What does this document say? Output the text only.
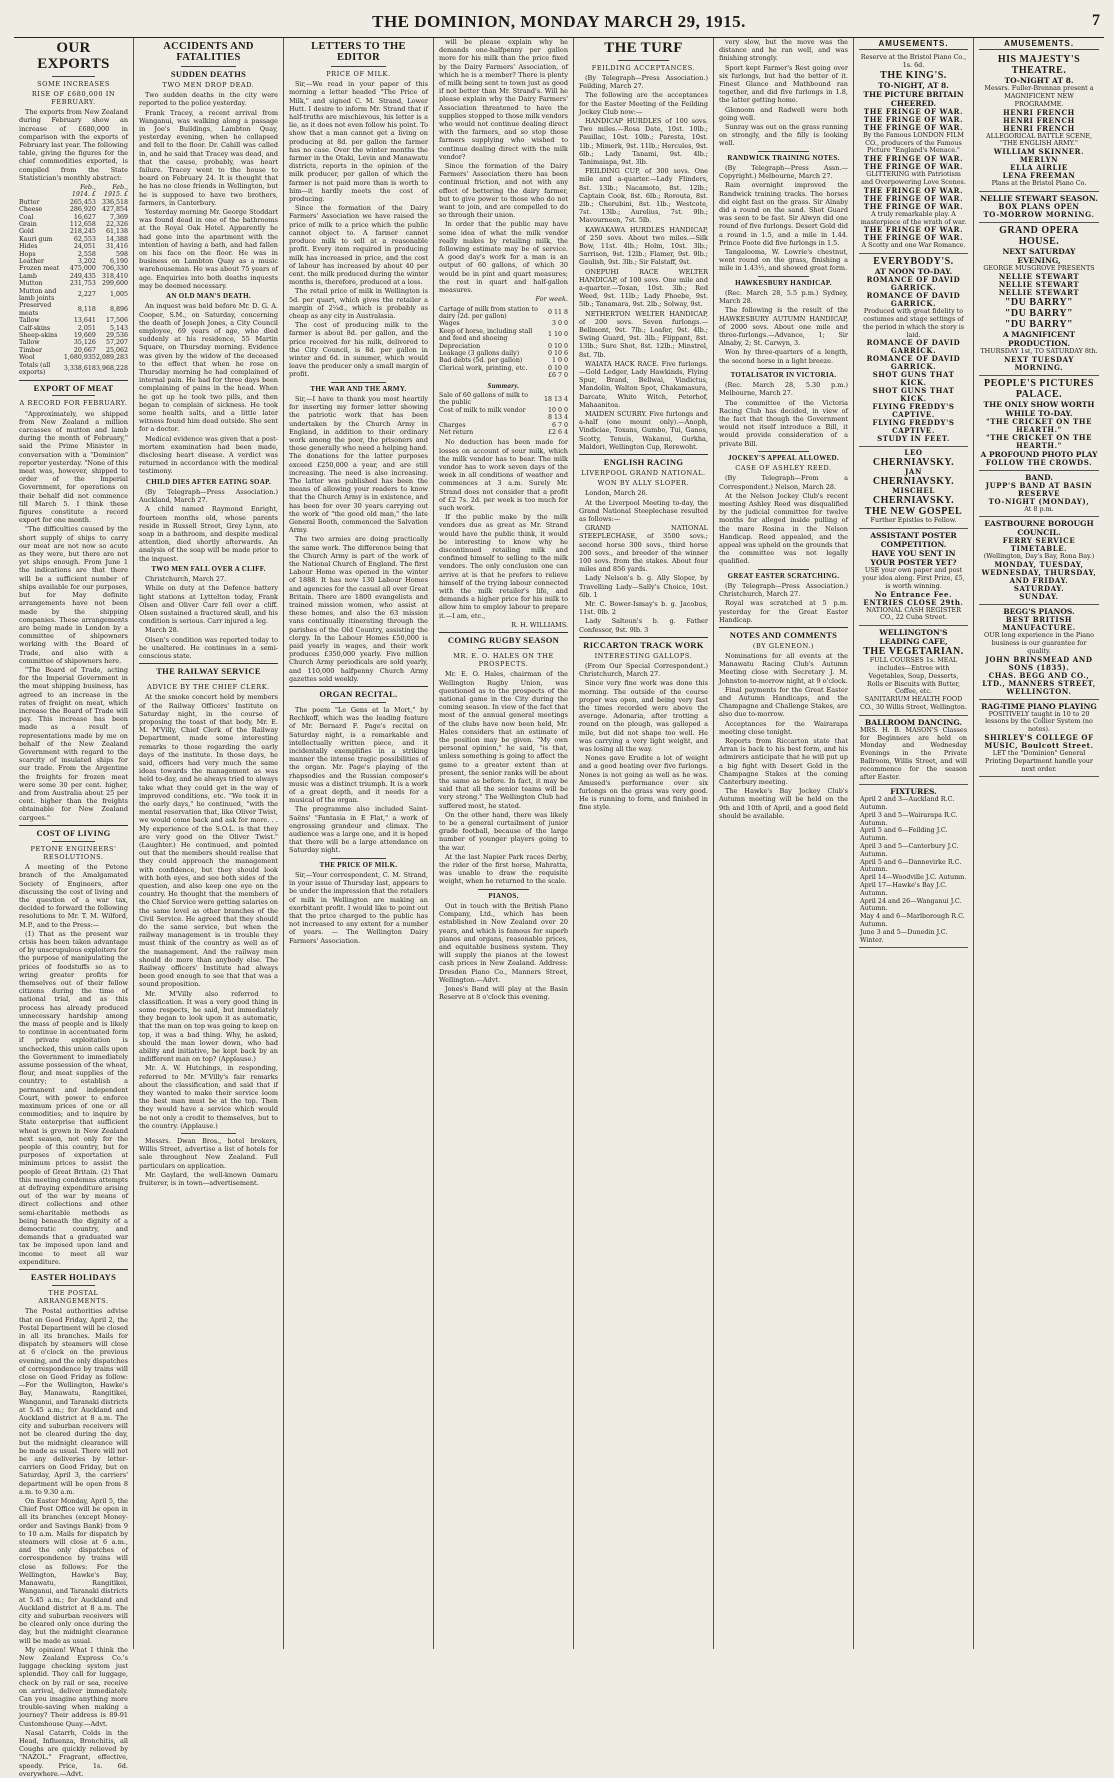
THE DOMINION, MONDAY MARCH 29, 1915.	7
OUR EXPORTS
SOME INCREASES
RISE OF £680,000 IN FEBRUARY.

The exports from New Zealand during February show an increase of £680,000 in comparison with the exports of February last year. The following table, giving the figures for the chief commodities exported, is compiled from the State Statistician's monthly abstract:

	Feb., 1914. £	Feb., 1915. £
Butter	265,453	336,518
Cheese	286,920	427,854
Coal	16,627	7,369
Grain	112,658	22,326
Gold	218,245	61,138
Kauri gum	62,553	14,388
Hides	24,051	31,416
Hops	2,558	598
Leather	3,202	6,190
Frozen meat	475,000	706,330
Lamb	249,435	318,410
Mutton	231,753	299,600
Mutton and lamb joints	2,227	1,005
Preserved meats	8,118	8,896
Tallow	13,641	17,506
Calf-skins	2,051	5,143
Sheep-skins	19,669	29,536
Tallow	35,126	57,207
Timber	20,667	25,062
Wool	1,680,935	2,089,283
Totals (all exports)	3,338,618	3,968,228
EXPORT OF MEAT
A RECORD FOR FEBRUARY.

"Approximately, we shipped from New Zealand a million carcasses of mutton and lamb during the month of February," said the Prime Minister in conversation with a "Dominion" reporter yesterday. "None of this meat was, however, shipped to order of the Imperial Government, for operations on their behalf did not commence till March 5. I think these figures constitute a record export for one month.

"The difficulties caused by the short supply of ships to carry our meat are not now so acute as they were, but there are not yet ships enough. From June 1 the indications are that there will be a sufficient number of ships available for our purposes, but for May definite arrangements have not been made by the shipping companies. These arrangements are being made in London by a committee of shipowners working with the Board of Trade, and also with a committee of shipowners here.

"The Board of Trade, acting for the Imperial Government in the meat shipping business, has agreed to an increase in the rates of freight on meat, which increase the Board of Trade will pay. This increase has been made as a result of representations made by me on behalf of the New Zealand Government with regard to the scarcity of insulated ships for our trade. From the Argentine the freights for frozen meat were some 30 per cent. higher, and from Australia about 25 per cent. higher than the freights obtainable for New Zealand cargoes."

COST OF LIVING
PETONE ENGINEERS' RESOLUTIONS.

A meeting of the Petone branch of the Amalgamated Society of Engineers, after discussing the cost of living and the question of a war tax, decided to forward the following resolutions to Mr. T. M. Wilford, M.P., and to the Press:—

(1) That as the present war crisis has been taken advantage of by unscrupulous exploiters for the purpose of manipulating the prices of foodstuffs so as to wring greater profits for themselves out of their fellow citizens during the time of national trial, and as this process has already produced unnecessary hardship among the mass of people and is likely to continue in accentuated form if private exploitation is unchecked, this union calls upon the Government to immediately assume possession of the wheat, flour, and meat supplies of the country; to establish a permanent and independent Court, with power to enforce maximum prices of one or all commodities; and to inquire by State enterprise that sufficient wheat is grown in New Zealand next season, not only for the people of this country, but for purposes of exportation at minimum prices to assist the people of Great Britain. (2) That this meeting condemns attempts at defraying expenditure arising out of the war by means of direct collections and other semi-charitable methods as being beneath the dignity of a democratic country, and demands that a graduated war tax be imposed upon land and income to meet all war expenditure.

EASTER HOLIDAYS
THE POSTAL ARRANGEMENTS.

The Postal authorities advise that on Good Friday, April 2, the Postal Department will be closed in all its branches. Mails for dispatch by steamers will close at 6 o'clock on the previous evening, and the only dispatches of correspondence by trains will close on Good Friday as follow:—For the Wellington, Hawke's Bay, Manawatu, Rangitikei, Wanganui, and Taranaki districts at 5.45 a.m.; for Auckland and Auckland district at 8 a.m. The city and suburban receivers will not be cleared during the day, but the midnight clearance will be made as usual. There will not be any deliveries by letter-carriers on Good Friday, but on Saturday, April 3, the carriers' department will be open from 8 a.m. to 9.30 a.m.

On Easter Monday, April 5, the Chief Post Office will be open in all its branches (except Money-order and Savings Bank) from 9 to 10 a.m. Mails for dispatch by steamers will close at 6 a.m., and the only dispatches of correspondence by trains will close as follows: For the Wellington, Hawke's Bay, Manawatu, Rangitikei, Wanganui, and Taranaki districts at 5.45 a.m.; for Auckland and Auckland district at 8 a.m. The city and suburban receivers will be cleared only once during the day, but the midnight clearance will be made as usual.

My opinion! What I think the New Zealand Express Co.'s luggage checking system just splendid. They call for luggage, check on by rail or sea, receive on arrival, deliver immediately. Can you imagine anything more trouble-saving when making a journey? Their address is 89-91 Customhouse Quay.—Advt.

Nasal Catarrh, Colds in the Head, Influenza, Bronchitis, all Coughs are quickly relieved by "NAZOL." Fragrant, effective, speedy. Price, 1s. 6d. everywhere.—Advt.

ACCIDENTS AND FATALITIES
SUDDEN DEATHS
TWO MEN DROP DEAD.

Two sudden deaths in the city were reported to the police yesterday.

Frank Tracey, a recent arrival from Wanganui, was walking along a passage in Joe's Buildings, Lambton Quay, yesterday evening, when he collapsed and fell to the floor. Dr. Cahill was called in, and he said that Tracey was dead, and that the cause, probably, was heart failure. Tracey went to the house to board on February 24. It is thought that he has no close friends in Wellington, but he is supposed to have two brothers, farmers, in Canterbury.

Yesterday morning Mr. George Stoddart was found dead in one of the bathrooms at the Royal Oak Hotel. Apparently he had gone into the apartment with the intention of having a bath, and had fallen on his face on the floor. He was in business on Lambton Quay as a music warehouseman. He was about 75 years of age. Enquiries into both deaths inquests may be deemed necessary.

AN OLD MAN'S DEATH.

An inquest was held before Mr. D. G. A. Cooper, S.M., on Saturday, concerning the death of Joseph Jones, a City Council employee, 69 years of age, who died suddenly at his residence, 55 Martin Square, on Thursday morning. Evidence was given by the widow of the deceased to the effect that when he rose on Thursday morning he had complained of internal pain. He had for three days been complaining of pains in the head. When he got up he took two pills, and then began to complain of sickness. He took some health salts, and a little later witness found him dead outside. She sent for a doctor.

Medical evidence was given that a post-mortem examination had been made, disclosing heart disease. A verdict was returned in accordance with the medical testimony.

CHILD DIES AFTER EATING SOAP.

(By Telegraph—Press Association.) Auckland, March 27.

A child named Raymond Enright, fourteen months old, whose parents reside in Russell Street, Grey Lynn, ate soap in a bathroom, and despite medical attention, died shortly afterwards. An analysis of the soap will be made prior to the inquest.

TWO MEN FALL OVER A CLIFF.

Christchurch, March 27.

While on duty at the Defence battery light stations at Lyttelton today, Frank Olsen and Oliver Carr fell over a cliff. Olsen sustained a fractured skull, and his condition is serious. Carr injured a leg.

March 28.

Olsen's condition was reported today to be unaltered. He continues in a semi-conscious state.

THE RAILWAY SERVICE
ADVICE BY THE CHIEF CLERK.

At the smoke concert held by members of the Railway Officers' Institute on Saturday night, in the course of proposing the toast of that body, Mr. E. M. M'Villy, Chief Clerk of the Railway Department, made some interesting remarks to those regarding the early days of the institute. In those days, he said, officers had very much the same ideas towards the management as was held to-day, and he always tried to always take what they could get in the way of improved conditions, etc. "We took it in the early days," he continued, "with the mental reservation that, like Oliver Twist, we would come back and ask for more. . . My experience of the S.O.L. is that they are very good on the Oliver Twist." (Laughter.) He continued, and pointed out that the members should realise that they could approach the management with confidence, but they should look with both eyes, and see both sides of the question, and also keep one eye on the country. He thought that the members of the Chief Service were getting salaries on the same level as other branches of the Civil Service. He agreed that they should do the same service, but when the railway management is in trouble they must think of the country as well as of the management. And the railway men should do more than anybody else. The Railway officers' Institute had always been good enough to see that that was a sound proposition.

Mr. M'Villy also referred to classification. It was a very good thing in some respects, he said, but immediately they began to look upon it as automatic, that the man on top was going to keep on top, it was a bad thing. Why, he asked, should the man lower down, who had ability and initiative, be kept back by an indifferent man on top? (Applause.)

Mr. A. W. Hutchings, in responding, referred to Mr. M'Villy's fair remarks about the classification, and said that if they wanted to make their service loom the best man must be at the top. Then they would have a service which would be not only a credit to themselves, but to the country. (Applause.)

Messrs. Dwan Bros., hotel brokers, Willis Street, advertise a list of hotels for sale throughout New Zealand. Full particulars on application.

Mr. Gaylard, the well-known Oamaru fruiterer, is in town—advertisement.

LETTERS TO THE EDITOR
PRICE OF MILK.

Sir,—We read in your paper of this morning a letter headed "The Price of Milk," and signed C. M. Strand, Lower Hutt. I desire to inform Mr. Strand that if half-truths are mischievous, his letter is a lie, as it does not even follow his point. To show that a man cannot get a living on producing at 8d. per gallon the farmer has no case. Over the winter months the farmer in the Otaki, Levin and Manawatu districts, reports in the opinion of the milk producer, per gallon of which the farmer is not paid more than is worth to him—it hardly meets the cost of producing.

Since the formation of the Dairy Farmers' Association we have raised the price of milk to a price which the public cannot object to. A farmer cannot produce milk to sell at a reasonable profit. Every item required in producing milk has increased in price, and the cost of labour has increased by about 40 per cent. the milk produced during the winter months is, therefore, produced at a loss.

The retail price of milk in Wellington is 5d. per quart, which gives the retailer a margin of 2¼d., which is probably as cheap as any city in Australasia.

The cost of producing milk to the farmer is about 8d. per gallon, and the price received for his milk, delivered to the City Council, is 8d. per gallon in winter and 6d. in summer, which would leave the producer only a small margin of profit.

THE WAR AND THE ARMY.

Sir,—I have to thank you most heartily for inserting my former letter showing the patriotic work that has been undertaken by the Church Army in England, in addition to their ordinary work among the poor, the prisoners and those generally who need a helping hand. The donations for the latter purposes exceed £250,000 a year, and are still increasing. The need is also increasing. The latter was published has been the means of allowing your readers to know that the Church Army is in existence, and has been for over 30 years carrying out the work of "the good old man," the late General Booth, commenced the Salvation Army.

The two armies are doing practically the same work. The difference being that the Church Army is part of the work of the National Church of England. The first Labour Home was opened in the winter of 1888. It has now 130 Labour Homes and agencies for the casual all over Great Britain. There are 1800 evangelists and trained mission women, who assist at these homes, and also the 63 mission vans continually itinerating through the parishes of the Old Country, assisting the clergy. In the Labour Homes £50,000 is paid yearly in wages, and their work produces £350,000 yearly. Five million Church Army periodicals are sold yearly, and 110,000 halfpenny Church Army gazettes sold weekly.

ORGAN RECITAL.

The poem "Le Gens et la Mort," by Rechkoff, which was the leading feature of Mr. Bernard F. Page's recital on Saturday night, is a remarkable and intellectually written piece, and it incidentally exemplifies in a striking manner the intense tragic possibilities of the organ. Mr. Page's playing of the rhapsodies and the Russian composer's music was a distinct triumph. It is a work of a great depth, and it needs for a musical of the organ.

The programme also included Saint-Saëns' "Fantasia in E Flat," a work of engrossing grandeur and climax. The audience was a large one, and it is hoped that there will be a large attendance on Saturday night.

THE PRICE OF MILK.

Sir,—Your correspondent, C. M. Strand, in your issue of Thursday last, appears to be under the impression that the retailers of milk in Wellington are making an exorbitant profit. I would like to point out that the price charged to the public has not increased to any extent for a number of years. — The Wellington Dairy Farmers' Association.

will be please explain why he demands one-halfpenny per gallon more for his milk than the price fixed by the Dairy Farmers' Association, of which he is a member? There is plenty of milk being sent to town just as good if not better than Mr. Strand's. Will he please explain why the Dairy Farmers' Association threatened to have the supplies stopped to those milk vendors who would not continue dealing direct with the farmers, and so stop those farmers supplying who wished to continue dealing direct with the milk vendor?

Since the formation of the Dairy Farmers' Association there has been continual friction, and not with any effect of bettering the dairy farmer, but to give power to those who do not want to join, and are compelled to do so through their union.

In order that the public may have some idea of what the milk vendor really makes by retailing milk, the following estimate may be of service. A good day's work for a man is an output of 60 gallons, of which 30 would be in pint and quart measures; the rest in quart and half-gallon measures.

For week.
Cartage of milk from station to dairy (2d. per gallon)	0 11 8
Wages	3 0 0
Keep of horse, including stall and feed and shoeing	1 10 0
Depreciation	0 10 0
Leakage (3 gallons daily)	0 10 6
Bad debts (5d. per gallon)	1 0 0
Clerical work, printing, etc.	0 10 0
	£6 7 0
Summary.
Sale of 60 gallons of milk to the public	18 13 4
Cost of milk to milk vendor	10 0 0
	8 13 4
Charges	6 7 0
Net return	£2 6 4

No deduction has been made for losses on account of sour milk, which the milk vendor has to bear. The milk vendor has to work seven days of the week in all conditions of weather and commences at 3 a.m. Surely Mr. Strand does not consider that a profit of £2 7s. 2d. per week is too much for such work.

If the public make by the milk vendors due as great as Mr. Strand would have the public think, it would be interesting to know why he discontinued retailing milk and confined himself to selling to the milk vendors. The only conclusion one can arrive at is that he prefers to relieve himself of the trying labour connected with the milk retailer's life, and demands a higher price for his milk to allow him to employ labour to prepare it.—I am, etc.,

R. H. WILLIAMS.

COMING RUGBY SEASON
MR. E. O. HALES ON THE PROSPECTS.

Mr. E. O. Hales, chairman of the Wellington Rugby Union, was questioned as to the prospects of the national game in the City during the coming season. In view of the fact that most of the annual general meetings of the clubs have now been held, Mr. Hales considers that an estimate of the position may be given. "My own personal opinion," he said, "is that, unless something is going to affect the game to a greater extent than at present, the senior ranks will be about the same as before. In fact, it may be said that all the senior teams will be very strong." The Wellington Club had suffered most, he stated.

On the other hand, there was likely to be a general curtailment of junior grade football, because of the large number of younger players going to the war.

At the last Napier Park races Derby, the rider of the first horse, Mahratta, was unable to draw the requisite weight, when he returned to the scale.

PIANOS.

Out in touch with the British Piano Company, Ltd., which has been established in New Zealand over 20 years, and which is famous for superb pianos and organs, reasonable prices, and equitable business system. They will supply the pianos at the lowest cash prices in New Zealand. Address: Dresden Piano Co., Manners Street, Wellington.—Advt.

Jones's Band will play at the Basin Reserve at 8 o'clock this evening.

THE TURF
FEILDING ACCEPTANCES.

(By Telegraph—Press Association.) Feilding, March 27.

The following are the acceptances for the Easter Meeting of the Feilding Jockey Club now:—

HANDICAP HURDLES of 100 sovs. Two miles.—Rosa Date, 10st. 10lb.; Pauillac, 10st. 10lb.; Paresta, 10st. 1lb.; Mimerk, 9st. 11lb.; Hercules, 9st. 6lb.; Lady Tanami, 9st. 4lb.; Tanimaiapa, 9st. 3lb.

FEILDING CUP, of 300 sovs. One mile and a-quarter.—Lady Flinders, 8st. 13lb.; Nacamoto, 8st. 12lb.; Captain Cook, 8st. 6lb.; Rorouta, 8st. 2lb.; Cherubini, 8st. 1lb.; Westcote, 7st. 13lb.; Aurelius, 7st. 9lb.; Mavourneen, 7st. 5lb.

KAWAKAWA HURDLES HANDICAP, of 250 sovs. About two miles.—Silk Bow, 11st. 4lb.; Holm, 10st. 3lb.; Sarrison, 9st. 12lb.; Flamer, 9st. 9lb.; Gaulish, 9st. 3lb.; Sir Falstaff, 9st.

ONEPUHI RACE WELTER HANDICAP, of 100 sovs. One mile and a-quarter.—Toxan, 10st. 3lb.; Red Weed, 9st. 11lb.; Lady Phoebe, 9st. 5lb.; Tanamara, 9st. 2lb.; Solway, 9st.

NETHERTON WELTER HANDICAP, of 200 sovs. Seven furlongs.—Bellmont, 9st. 7lb.; Loafer, 9st. 4lb.; Swing Guard, 9st. 3lb.; Flippant, 8st. 13lb.; Sure Shot, 8st. 12lb.; Minstrel, 8st. 7lb.

WAIATA HACK RACE. Five furlongs.—Gold Ledger, Lady Hawkinds, Flying Spur, Brand, Bellwai, Vindictus, Mandolin, Walton Spot, Chakamasura, Darcate, White Witch, Peterhof, Mahaanitoa.

MAIDEN SCURRY. Five furlongs and a-half (one mount only).—Anoph, Vindiciae, Toxans, Gumbo, Tui, Ganos, Scotty, Tenuis, Wakanui, Gurkha, Maldori, Wellington Cup, Rerewoht.

ENGLISH RACING
LIVERPOOL GRAND NATIONAL.
WON BY ALLY SLOPER.

London, March 26.

At the Liverpool Meeting to-day, the Grand National Steeplechase resulted as follows:—

GRAND NATIONAL STEEPLECHASE, of 3500 sovs.; second horse 300 sovs., third horse 200 sovs., and breeder of the winner 100 sovs. from the stakes. About four miles and 856 yards.

Lady Nelson's b. g. Ally Sloper, by Travelling Lady—Sally's Choice, 10st. 6lb. 1

Mr. C. Bower-Ismay's b. g. Jacobus, 11st. 0lb. 2

Lady Saltoun's b. g. Father Confessor, 9st. 9lb. 3

RICCARTON TRACK WORK
INTERESTING GALLOPS.

(From Our Special Correspondent.) Christchurch, March 27.

Since very fine work was done this morning. The outside of the course proper was open, and being very fast the times recorded were above the average. Adonaria, after trotting a round on the plough, was galloped a mile, but did not shape too well. He was carrying a very light weight, and was losing all the way.

Nones gave Erudite a lot of weight and a good beating over five furlongs. Nones is not going as well as he was. Amused's performance over six furlongs on the grass was very good. He is running to form, and finished in fine style.

very slow, but the move was the distance and he ran well, and was finishing strongly.

Sport kept Farmer's Rest going over six furlongs, but had the better of it. Finest Glance and Mathbound ran together, and did five furlongs in 1.8, the latter getting home.

Glenoom and Radwell were both going well.

Sunray was out on the grass running on strongly, and the filly is looking well.

RANDWICK TRAINING NOTES.

(By Telegraph—Press Assn.—Copyright.) Melbourne, March 27.

Rain overnight improved the Randwick training tracks. The horses did eight fast on the grass. Sir Alnaby did a round on the sand. Shot Guard was seen to be fast. Sir Alwyn did one round of five furlongs. Desert Gold did a round in 1.5, and a mile in 1.44. Prince Foote did five furlongs in 1.5.

Tangalooma, W. Lowrie's chestnut, went round on the grass, finishing a mile in 1.43½, and showed great form.

HAWKESBURY HANDICAP.

(Rec. March 28, 5.5 p.m.) Sydney, March 28.

The following is the result of the HAWKESBURY AUTUMN HANDICAP, of 2000 sovs. About one mile and three-furlongs.—Advance, 1; Sir Alnaby, 2; St. Carwyn, 3.

Won by three-quarters of a length, the second horse in a light breeze.

TOTALISATOR IN VICTORIA.

(Rec. March 28, 5.30 p.m.) Melbourne, March 27.

The committee of the Victoria Racing Club has decided, in view of the fact that though the Government would not itself introduce a Bill, it would provide consideration of a private Bill.

JOCKEY'S APPEAL ALLOWED.
CASE OF ASHLEY REED.

(By Telegraph—From a Correspondent.) Nelson, March 28.

At the Nelson Jockey Club's recent meeting Ashley Reed was disqualified by the judicial committee for twelve months for alleged inside pulling of the mare Rosina in the Nelson Handicap. Reed appealed, and the appeal was upheld on the grounds that the committee was not legally qualified.

GREAT EASTER SCRATCHING.

(By Telegraph—Press Association.) Christchurch, March 27.

Royal was scratched at 5 p.m. yesterday for the Great Easter Handicap.

NOTES AND COMMENTS
(BY GLENEON.)

Nominations for all events at the Manawatu Racing Club's Autumn Meeting close with Secretary J. M. Johnston to-morrow night, at 9 o'clock.

Final payments for the Great Easter and Autumn Handicaps, and the Champagne and Challenge Stakes, are also due to-morrow.

Acceptances for the Wairarapa meeting close tonight.

Reports from Riccarton state that Arran is back to his best form, and his admirers anticipate that he will put up a big fight with Desert Gold in the Champagne Stakes at the coming Canterbury meeting.

The Hawke's Bay Jockey Club's Autumn meeting will be held on the 9th and 10th of April, and a good field should be available.

AMUSEMENTS.
Reserve at the Bristol Piano Co., 1s. 6d.
THE KING'S.
TO-NIGHT, AT 8.
THE PICTURE BRITAIN CHEERED.
THE FRINGE OF WAR.
THE FRINGE OF WAR.
THE FRINGE OF WAR.
By the Famous LONDON FILM CO., producers of the Famous Picture "England's Menace."
THE FRINGE OF WAR.
THE FRINGE OF WAR.
GLITTERING with Patriotism and Overpowering Love Scenes.
THE FRINGE OF WAR.
THE FRINGE OF WAR.
THE FRINGE OF WAR.
A truly remarkable play. A masterpiece of the wrath of war.
THE FRINGE OF WAR.
THE FRINGE OF WAR.
A Scotty and one War Romance.
EVERYBODY'S.
AT NOON TO-DAY.
ROMANCE OF DAVID GARRICK.
ROMANCE OF DAVID GARRICK.
Produced with great fidelity to costumes and stage settings of the period in which the story is laid.
ROMANCE OF DAVID GARRICK.
ROMANCE OF DAVID GARRICK.
SHOT GUNS THAT KICK.
SHOT GUNS THAT KICK.
FLYING FREDDY'S CAPTIVE.
FLYING FREDDY'S CAPTIVE.
STUDY IN FEET.
LEO
CHERNIAVSKY.
JAN
CHERNIAVSKY.
MISCHEL
CHERNIAVSKY.
THE NEW GOSPEL
Further Epistles to Fellow.
ASSISTANT POSTER COMPETITION.
HAVE YOU SENT IN YOUR POSTER YET?
USE your own paper and post your idea along. First Prize, £5, is worth winning.
No Entrance Fee.
ENTRIES CLOSE 29th.
NATIONAL CASH REGISTER CO., 22 Cuba Street.
WELLINGTON'S LEADING CAFE,
THE VEGETARIAN.
FULL COURSES 1s. MEAL includes—Entree with Vegetables, Soup, Desserts, Rolls or Biscuits with Butter, Coffee, etc.
SANITARIUM HEALTH FOOD CO., 30 Willis Street, Wellington.
BALLROOM DANCING.
MRS. H. B. MASON'S Classes for Beginners are held on Monday and Wednesday Evenings in the Private Ballroom, Willis Street, and will recommence for the season after Easter.
FIXTURES.
April 2 and 3—Auckland R.C. Autumn.
April 3 and 5—Wairarapa R.C. Autumn.
April 5 and 6—Feilding J.C. Autumn.
April 3 and 5—Canterbury J.C. Autumn.
April 5 and 6—Dannevirke R.C. Autumn.
April 14—Woodville J.C. Autumn.
April 17—Hawke's Bay J.C. Autumn.
April 24 and 26—Wanganui J.C. Autumn.
May 4 and 6—Marlborough R.C. Autumn.
June 3 and 5—Dunedin J.C. Winter.
AMUSEMENTS.
HIS MAJESTY'S THEATRE.
TO-NIGHT AT 8.
Messrs. Fuller-Brennan present a MAGNIFICENT NEW PROGRAMME.
HENRI FRENCH
HENRI FRENCH
HENRI FRENCH
ALLEGORICAL BATTLE SCENE, "THE ENGLISH ARMY."
WILLIAM SKINNER.
MERLYN
ELLA AIRLIE
LENA FREEMAN
Plans at the Bristol Piano Co.
NELLIE STEWART SEASON.
BOX PLANS OPEN
TO-MORROW MORNING.
GRAND OPERA HOUSE.
NEXT SATURDAY EVENING,
GEORGE MUSGROVE PRESENTS
NELLIE STEWART
NELLIE STEWART
NELLIE STEWART
"DU BARRY"
"DU BARRY"
"DU BARRY"
A MAGNIFICENT PRODUCTION.
THURSDAY 1st, TO SATURDAY 8th.
NEXT TUESDAY MORNING.
PEOPLE'S PICTURES PALACE.
THE ONLY SHOW WORTH WHILE TO-DAY.
"THE CRICKET ON THE HEARTH."
"THE CRICKET ON THE HEARTH."
A PROFOUND PHOTO PLAY
FOLLOW THE CROWDS.
BAND.
JUPP'S BAND AT BASIN RESERVE
TO-NIGHT (MONDAY),
At 8 p.m.
EASTBOURNE BOROUGH COUNCIL.
FERRY SERVICE TIMETABLE.
(Wellington, Day's Bay, Rona Bay.)
MONDAY, TUESDAY, WEDNESDAY, THURSDAY, AND FRIDAY.
SATURDAY.
SUNDAY.
BEGG'S PIANOS.
BEST BRITISH MANUFACTURE.
OUR long experience in the Piano business is our guarantee for quality.
JOHN BRINSMEAD AND SONS (1835).
CHAS. BEGG AND CO., LTD., MANNERS STREET, WELLINGTON.
RAG-TIME PIANO PLAYING
POSITIVELY taught in 10 to 20 lessons by the Collier System (no notes).
SHIRLEY'S COLLEGE OF MUSIC, Boulcott Street.
LET the "Dominion" General Printing Department handle your next order.
